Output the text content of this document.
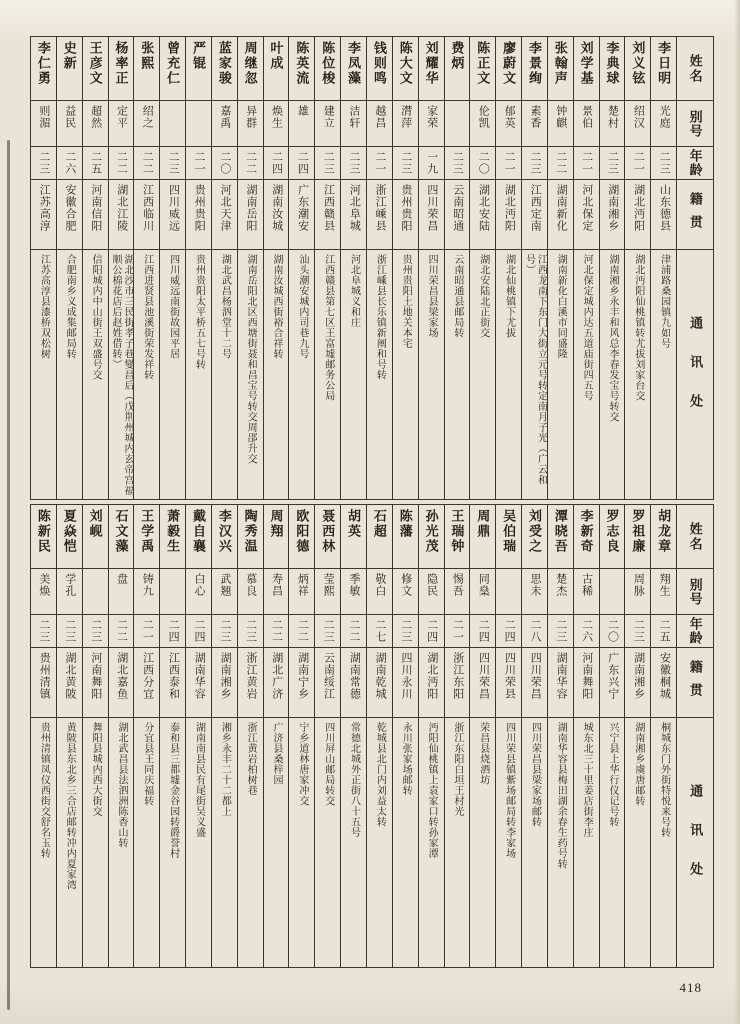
李仁勇
则湄
二三
江苏高淳
江苏高淳县漆桥双松树
史新
益民
二六
安徽合肥
合肥南乡义成集邮局转
王彦文
超然
二五
河南信阳
信阳城内中山街王双盛号交
杨率正
定平
二二
湖北江陵
湖北沙市三民街孝子巷燮昌后（戊荆州城内玄帝宫福顺公棉花店后赵姓借转）
张熙
绍之
二二
江西临川
江西进贤县池溪街荣发祥转
曾充仁
二三
四川威远
四川威远南街故园平居
严锟
二一
贵州贵阳
贵州贵阳太平桥五七号转
蓝家骏
嘉禹
二〇
河北天津
湖北武昌杨泗堂十二号
周继忽
异群
二二
湖南岳阳
湖南岳阳北区西塘街聂和昌宝号转交周郘升交
叶成
焕生
二四
湖南汝城
湖南汝城西街裕合祥转
陈英流
雄
二四
广东潮安
汕头潮安城内司巷九号
陈位梭
建立
二三
江西赣县
江西赣县第七区王富墟邮务公局
李凤藻
洁轩
二三
河北阜城
河北阜城义和庄
钱则鸣
越昌
二一
浙江嵊县
浙江嵊县长乐镇新阐和号转
陈大文
潸萍
二三
贵州贵阳
贵州贵阳土地关本宅
刘耀华
家荣
一九
四川荣昌
四川荣昌县梁家场
费炳
二三
云南昭通
云南昭通县邮局转
陈正文
伦凯
二〇
湖北安陆
湖北安陆北正街交
廖蔚文
郁英
二一
湖北沔阳
湖北仙桃镇下尤拔
李景绚
素香
二三
江西定南
江西龙南下东门大街立元号转定南月子光（广云和号）
张翰声
钟麒
二二
湖南新化
湖南新化白溪市同盛隆
刘学基
景伯
二一
河北保定
河北保定城内达五道庙街四五号
李典球
楚村
二三
湖南湘乡
湖南湘乡永丰和风总李春发宝号转交
刘义铉
绍汉
二一
湖北沔阳
湖北沔阳仙桃镇转尤拔刘家台交
李日明
光庭
二三
山东德县
津浦路桑园镇九如号
姓名
别号
年龄
籍贯
通讯处
陈新民
美焕
二三
贵州清镇
贵州清镇凤仪西街交舒名玉转
夏焱恺
学孔
二三
湖北黄陂
黄陂县东北乡三合店邮转冲内夏家湾
刘岘
二三
河南舞阳
舞阳县城内西大街交
石文藻
盘
二二
湖北嘉鱼
湖北武昌县法泗洲陈香山转
王学禹
铸九
二一
江西分宜
分宜县王同庆福转
萧毅生
二四
江西泰和
泰和县三都墟金谷园转爵誉村
戴自襄
白心
二四
湖南华容
湖南南县民有尾街吴义盛
李汉兴
武翘
二三
湖南湘乡
湘乡永丰二十二都上
陶秀温
慕良
二三
浙江黄岩
浙江黄岩柏树巷
周翔
寿昌
二二
湖北广济
广济县桑梓园
欧阳德
炳祥
二二
湖南宁乡
宁乡道林唐家冲交
聂西林
莹熙
二三
云南绥江
四川屏山邮局转交
胡英
季敏
二二
湖南常德
常德北城外正街八十五号
石超
敬白
二七
湖南乾城
乾城县北门内刘益太转
陈藩
修文
二三
四川永川
永川张家场邮转
孙光茂
隐民
二四
湖北沔阳
沔阳仙桃镇上袁家口转孙家潭
王瑞钟
惕吾
二一
浙江东阳
浙江东阳白坦王村光
周鼎
同燊
二四
四川荣昌
荣昌县烧酒坊
吴伯瑞
二四
四川荣县
四川荣县镇紫场邮局转李家场
刘受之
思未
二八
四川荣昌
四川荣昌县梁家场邮转
潭晓吾
楚杰
二三
湖南华容
湖南华容县梅田湖余春生药号转
李新奇
古稀
二六
河南舞阳
城东北三十里姜店街李庄
罗志良
二〇
广东兴宁
兴宁县上华行仪记号转
罗祖廉
周脉
二三
湖南湘乡
湖南湘乡虞唐邮转
胡龙章
翔生
二五
安徽桐城
桐城东门外街特悦来号转
姓名
别号
年龄
籍贯
通讯处
418
